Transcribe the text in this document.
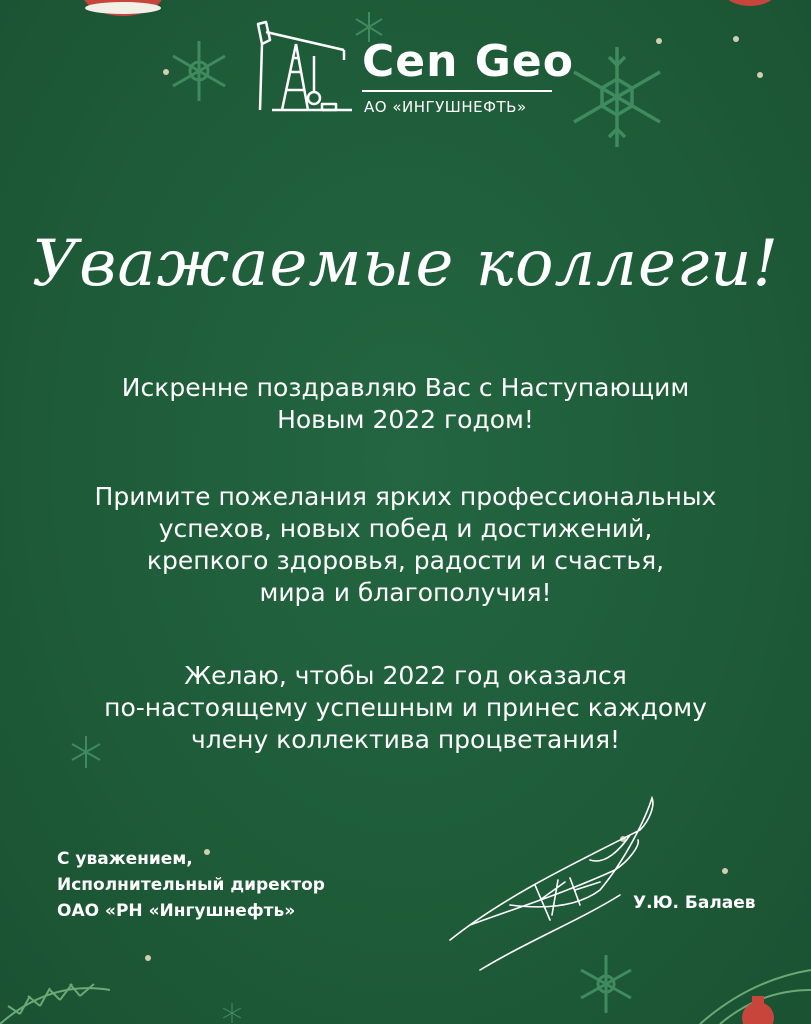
Cen Geo
АО «ИНГУШНЕФТЬ»
Уважаемые коллеги!

Искренне поздравляю Вас с Наступающим

Новым 2022 годом!

Примите пожелания ярких профессиональных

успехов, новых побед и достижений,

крепкого здоровья, радости и счастья,

мира и благополучия!

Желаю, чтобы 2022 год оказался

по-настоящему успешным и принес каждому

члену коллектива процветания!

С уважением,
Исполнительный директор
ОАО «РН «Ингушнефть»	У.Ю. Балаев
